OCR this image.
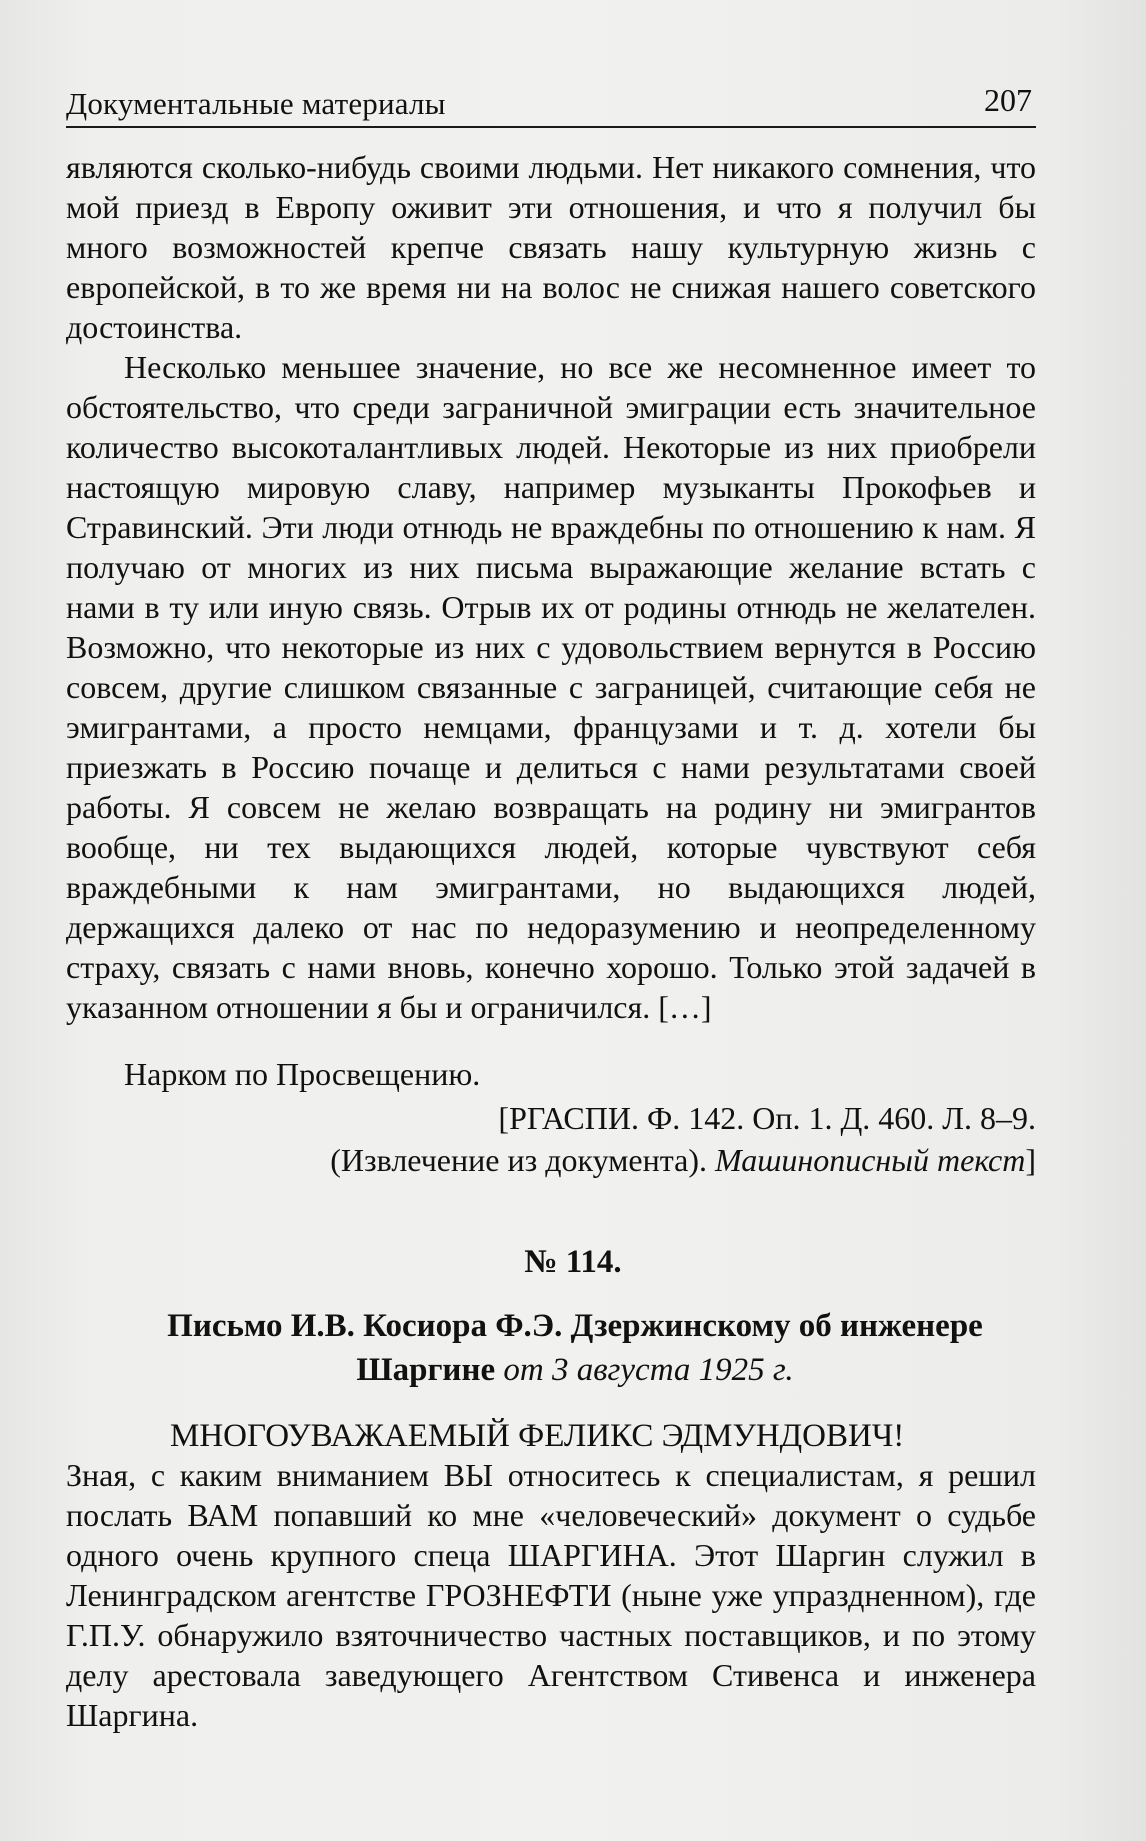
Документальные материалы	207

являются сколько-нибудь своими людьми. Нет никакого сомнения, что мой приезд в Европу оживит эти отношения, и что я получил бы много возможностей крепче связать нашу культурную жизнь с европейской, в то же время ни на волос не снижая нашего советского достоинства.

Несколько меньшее значение, но все же несомненное имеет то обстоятельство, что среди заграничной эмиграции есть значительное количество высокоталантливых людей. Некоторые из них приобрели настоящую мировую славу, например музыканты Прокофьев и Стравинский. Эти люди отнюдь не враждебны по отношению к нам. Я получаю от многих из них письма выражающие желание встать с нами в ту или иную связь. Отрыв их от родины отнюдь не желателен. Возможно, что некоторые из них с удовольствием вернутся в Россию совсем, другие слишком связанные с заграницей, считающие себя не эмигрантами, а просто немцами, французами и т. д. хотели бы приезжать в Россию почаще и делиться с нами результатами своей работы. Я совсем не желаю возвращать на родину ни эмигрантов вообще, ни тех выдающихся людей, которые чувствуют себя враждебными к нам эмигрантами, но выдающихся людей, держащихся далеко от нас по недоразумению и неопределенному страху, связать с нами вновь, конечно хорошо. Только этой задачей в указанном отношении я бы и ограничился. […]

Нарком по Просвещению.
[РГАСПИ. Ф. 142. Оп. 1. Д. 460. Л. 8–9.
(Извлечение из документа). Машинописный текст]
№ 114.
Письмо И.В. Косиора Ф.Э. Дзержинскому об инженере Шаргине от 3 августа 1925 г.
МНОГОУВАЖАЕМЫЙ ФЕЛИКС ЭДМУНДОВИЧ!
Зная, с каким вниманием ВЫ относитесь к специалистам, я решил послать ВАМ попавший ко мне «человеческий» документ о судьбе одного очень крупного спеца ШАРГИНА. Этот Шаргин служил в Ленинградском агентстве ГРОЗНЕФТИ (ныне уже упраздненном), где Г.П.У. обнаружило взяточничество частных поставщиков, и по этому делу арестовала заведующего Агентством Стивенса и инженера Шаргина.
